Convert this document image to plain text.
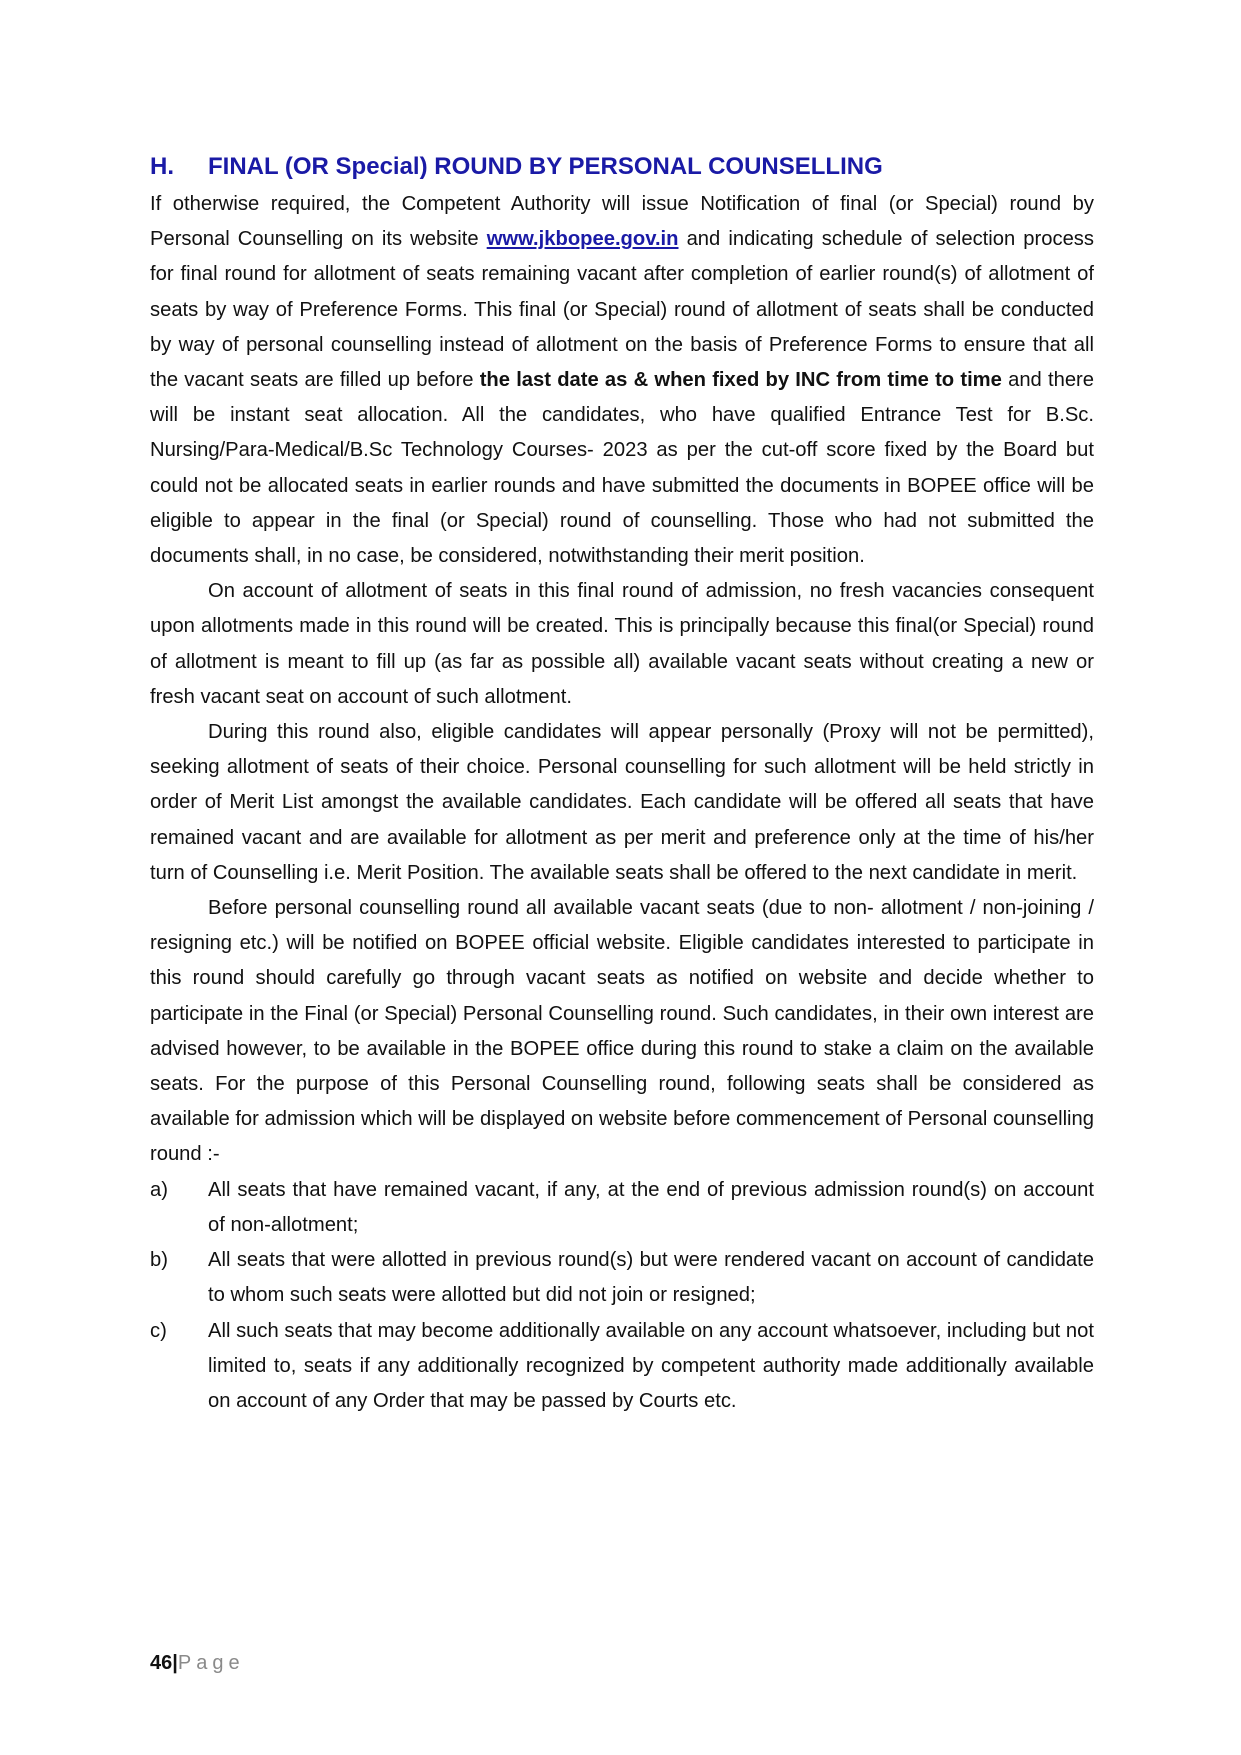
H.	FINAL (OR Special) ROUND BY PERSONAL COUNSELLING

If otherwise required, the Competent Authority will issue Notification of final (or Special) round by Personal Counselling on its website www.jkbopee.gov.in and indicating schedule of selection process for final round for allotment of seats remaining vacant after completion of earlier round(s) of allotment of seats by way of Preference Forms. This final (or Special) round of allotment of seats shall be conducted by way of personal counselling instead of allotment on the basis of Preference Forms to ensure that all the vacant seats are filled up before the last date as & when fixed by INC from time to time and there will be instant seat allocation. All the candidates, who have qualified Entrance Test for B.Sc. Nursing/Para-Medical/B.Sc Technology Courses- 2023 as per the cut-off score fixed by the Board but could not be allocated seats in earlier rounds and have submitted the documents in BOPEE office will be eligible to appear in the final (or Special) round of counselling. Those who had not submitted the documents shall, in no case, be considered, notwithstanding their merit position.

On account of allotment of seats in this final round of admission, no fresh vacancies consequent upon allotments made in this round will be created. This is principally because this final(or Special) round of allotment is meant to fill up (as far as possible all) available vacant seats without creating a new or fresh vacant seat on account of such allotment.

During this round also, eligible candidates will appear personally (Proxy will not be permitted), seeking allotment of seats of their choice. Personal counselling for such allotment will be held strictly in order of Merit List amongst the available candidates. Each candidate will be offered all seats that have remained vacant and are available for allotment as per merit and preference only at the time of his/her turn of Counselling i.e. Merit Position. The available seats shall be offered to the next candidate in merit.

Before personal counselling round all available vacant seats (due to non- allotment / non-joining / resigning etc.) will be notified on BOPEE official website. Eligible candidates interested to participate in this round should carefully go through vacant seats as notified on website and decide whether to participate in the Final (or Special) Personal Counselling round. Such candidates, in their own interest are advised however, to be available in the BOPEE office during this round to stake a claim on the available seats. For the purpose of this Personal Counselling round, following seats shall be considered as available for admission which will be displayed on website before commencement of Personal counselling round :-

a)	All seats that have remained vacant, if any, at the end of previous admission round(s) on account of non-allotment;
b)	All seats that were allotted in previous round(s) but were rendered vacant on account of candidate to whom such seats were allotted but did not join or resigned;
c)	All such seats that may become additionally available on any account whatsoever, including but not limited to, seats if any additionally recognized by competent authority made additionally available on account of any Order that may be passed by Courts etc.
46|Page
